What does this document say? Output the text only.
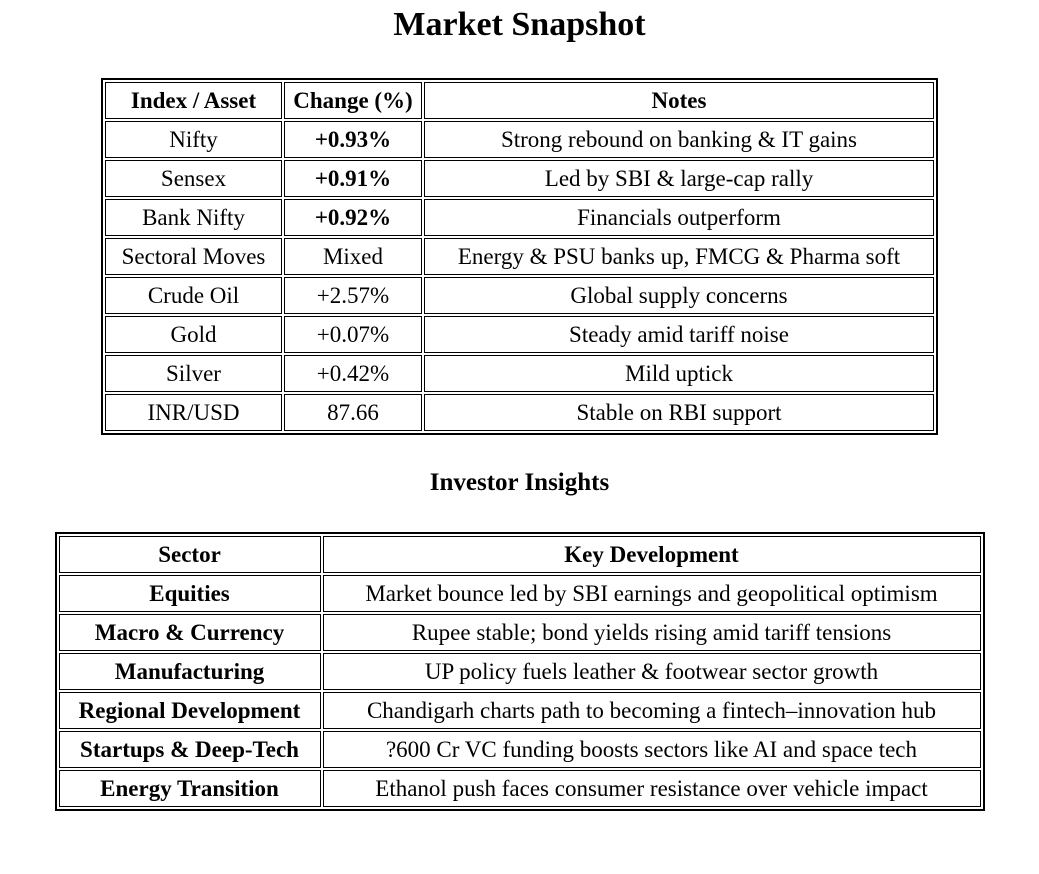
Market Snapshot
Index / Asset	Change (%)	Notes
Nifty	+0.93%	Strong rebound on banking & IT gains
Sensex	+0.91%	Led by SBI & large-cap rally
Bank Nifty	+0.92%	Financials outperform
Sectoral Moves	Mixed	Energy & PSU banks up, FMCG & Pharma soft
Crude Oil	+2.57%	Global supply concerns
Gold	+0.07%	Steady amid tariff noise
Silver	+0.42%	Mild uptick
INR/USD	87.66	Stable on RBI support
Investor Insights
Sector	Key Development
Equities	Market bounce led by SBI earnings and geopolitical optimism
Macro & Currency	Rupee stable; bond yields rising amid tariff tensions
Manufacturing	UP policy fuels leather & footwear sector growth
Regional Development	Chandigarh charts path to becoming a fintech–innovation hub
Startups & Deep-Tech	?600 Cr VC funding boosts sectors like AI and space tech
Energy Transition	Ethanol push faces consumer resistance over vehicle impact
